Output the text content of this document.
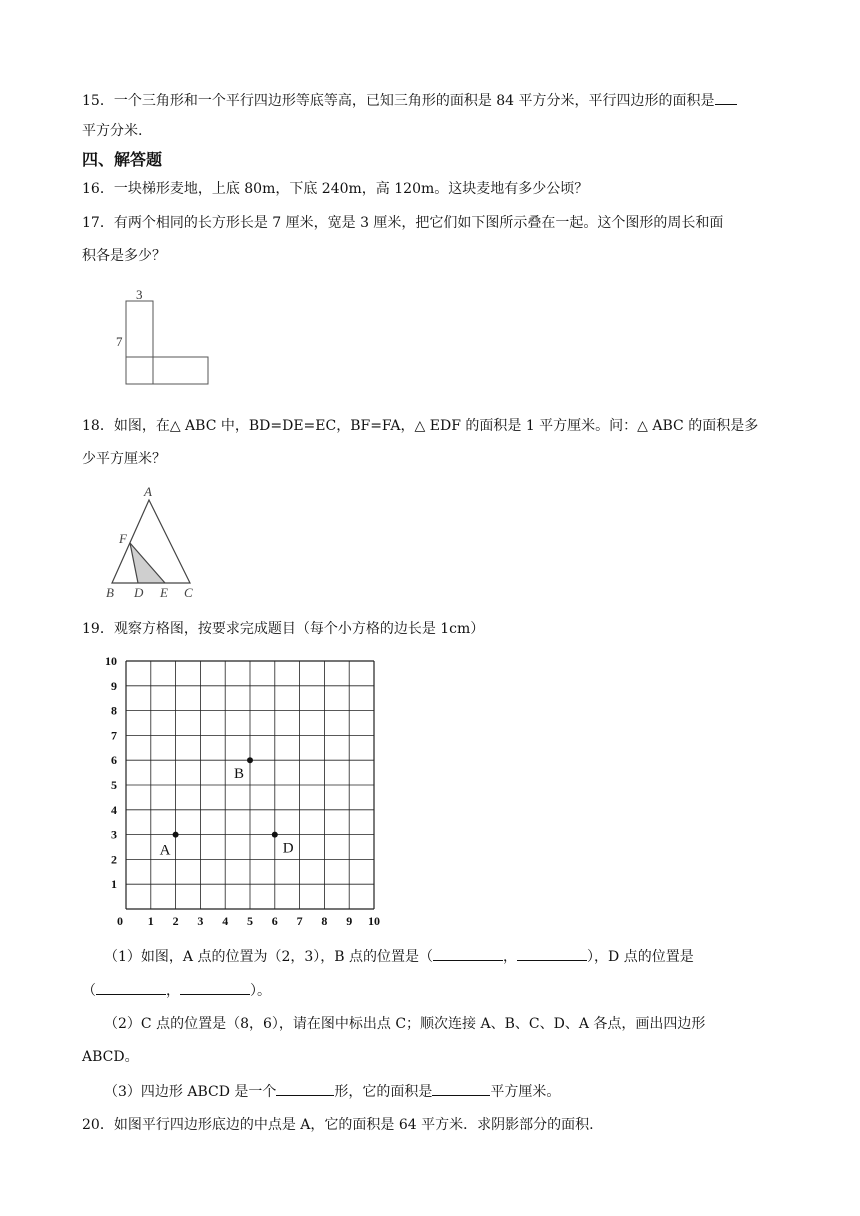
15．一个三角形和一个平行四边形等底等高，已知三角形的面积是 84 平方分米，平行四边形的面积是
平方分米.
四、解答题
16．一块梯形麦地，上底 80m，下底 240m，高 120m。这块麦地有多少公顷？
17．有两个相同的长方形长是 7 厘米，宽是 3 厘米，把它们如下图所示叠在一起。这个图形的周长和面
积各是多少？
3
7
18．如图，在△ ABC 中，BD=DE=EC，BF=FA，△ EDF 的面积是 1 平方厘米。问：△ ABC 的面积是多
少平方厘米？
A
F
B D E C
19．观察方格图，按要求完成题目（每个小方格的边长是 1cm）
0 1 2 3 4 5 6 7 8 9 10
1
2
3
4
5
6
7
8
9
10
A
B
D
（1）如图，A 点的位置为（2，3），B 点的位置是（	，	），D 点的位置是
（	，	）。
（2）C 点的位置是（8，6），请在图中标出点 C；顺次连接 A、B、C、D、A 各点，画出四边形
ABCD。
（3）四边形 ABCD 是一个	形，它的面积是	平方厘米。
20．如图平行四边形底边的中点是 A，它的面积是 64 平方米．求阴影部分的面积.
